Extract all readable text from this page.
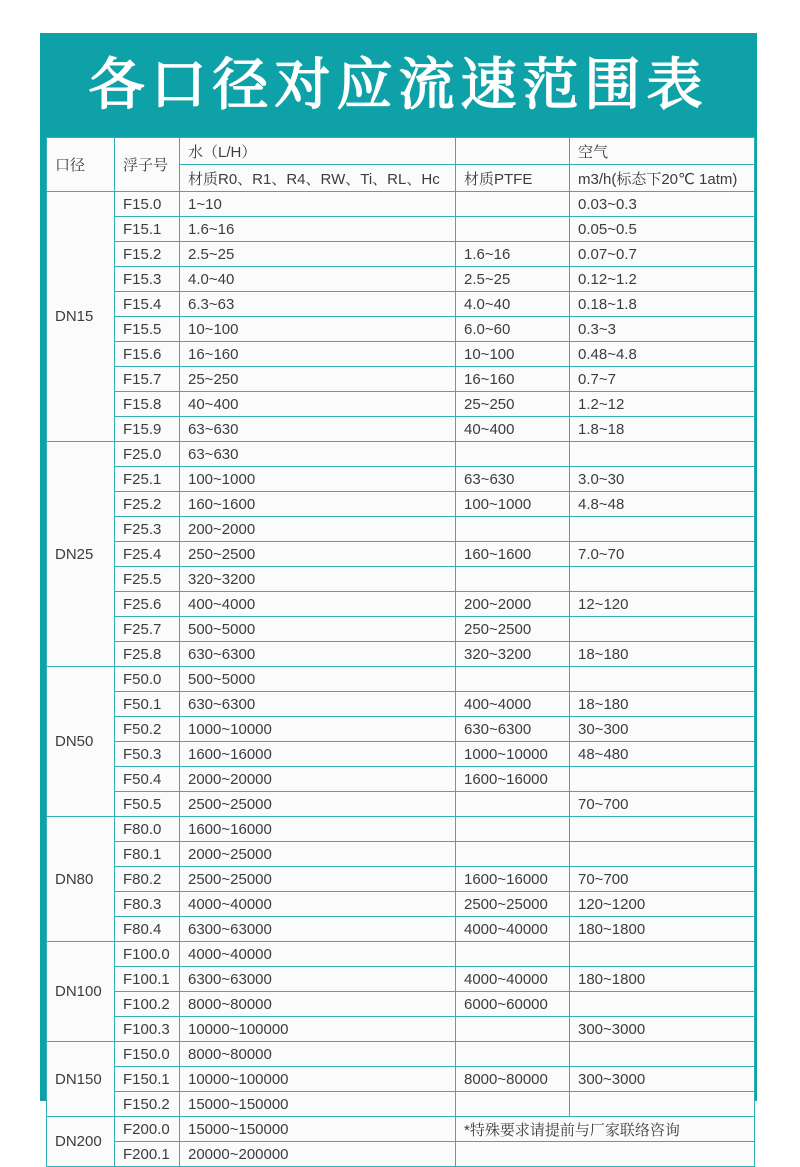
各口径对应流速范围表
口径	浮子号	水（L/H）		空气
		材质R0、R1、R4、RW、Ti、RL、Hc	材质PTFE	m3/h(标态下20℃ 1atm)
DN15	F15.0	1~10		0.03~0.3
	F15.1	1.6~16		0.05~0.5
	F15.2	2.5~25	1.6~16	0.07~0.7
	F15.3	4.0~40	2.5~25	0.12~1.2
	F15.4	6.3~63	4.0~40	0.18~1.8
	F15.5	10~100	6.0~60	0.3~3
	F15.6	16~160	10~100	0.48~4.8
	F15.7	25~250	16~160	0.7~7
	F15.8	40~400	25~250	1.2~12
	F15.9	63~630	40~400	1.8~18
DN25	F25.0	63~630		
	F25.1	100~1000	63~630	3.0~30
	F25.2	160~1600	100~1000	4.8~48
	F25.3	200~2000		
	F25.4	250~2500	160~1600	7.0~70
	F25.5	320~3200		
	F25.6	400~4000	200~2000	12~120
	F25.7	500~5000	250~2500	
	F25.8	630~6300	320~3200	18~180
DN50	F50.0	500~5000		
	F50.1	630~6300	400~4000	18~180
	F50.2	1000~10000	630~6300	30~300
	F50.3	1600~16000	1000~10000	48~480
	F50.4	2000~20000	1600~16000	
	F50.5	2500~25000		70~700
DN80	F80.0	1600~16000		
	F80.1	2000~25000		
	F80.2	2500~25000	1600~16000	70~700
	F80.3	4000~40000	2500~25000	120~1200
	F80.4	6300~63000	4000~40000	180~1800
DN100	F100.0	4000~40000		
	F100.1	6300~63000	4000~40000	180~1800
	F100.2	8000~80000	6000~60000	
	F100.3	10000~100000		300~3000
DN150	F150.0	8000~80000		
	F150.1	10000~100000	8000~80000	300~3000
	F150.2	15000~150000		
DN200	F200.0	15000~150000	*特殊要求请提前与厂家联络咨询	
	F200.1	20000~200000		
